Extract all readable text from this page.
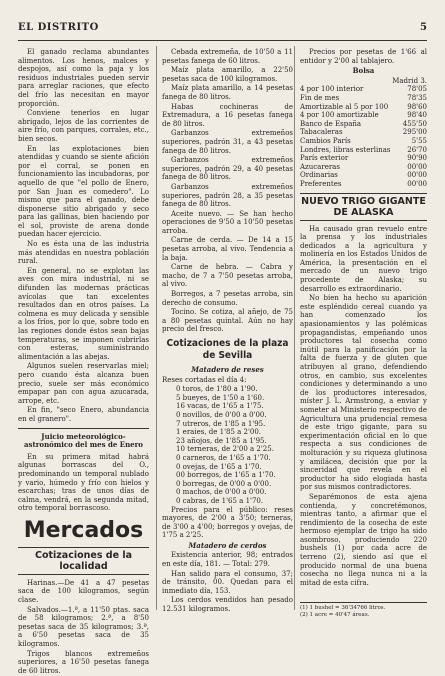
EL DISTRITO	5

El ganado reclama abundantes alimentos. Los henos, malces y despojos, así como la paja y los residuos industriales pueden servir para arreglar raciones, que efecto del frío las necesitan en mayor proporción.

Conviene tenerlos en lugar abrigado, lejos de las corrientes de aire frío, con parques, corrales, etc., bien secos.

En las explotaciones bien atendidas y cuando se siente afición por el corral, se ponen en funcionamiento las incubadoras, por aquello de que "el pollo de Enero, por San Juan es comedero". Lo mismo que para el ganado, debe disponerse sitio abrigado y seco para las gallinas, bien haciendo por el sol, proviste de arena donde puedan hacer ejercicio.

No es ésta una de las industria más atendidas en nuestra población rural.

En general, no se explotan las aves con mira industrial, ni se difunden las modernas prácticas avícolas que tan excelentes resultados dan en otros países. La colmena es muy delicada y sensible a los fríos, por lo que, sobre todo en las regiones donde éstos sean bajas temperaturas, se imponen cubrirlas con esteras, suministrando alimentación a las abejas.

Algunos suelen reservarlas miel; pero cuando ésta alcanza buen precio, suele ser más económico empapar pan con agua azucarada, arrope, etc.

En fin, "seco Enero, abundancia en el granero".

Juicio meteorológico-astronómico del mes de Enero

En su primera mitad habrá algunas borrascas del O., predominando un temporal nublado y vario, húmedo y frío con hielos y escarchas; tras de unos días de calma, vendrá, en la segunda mitad, otro temporal borrascoso.

Mercados
Cotizaciones de la localidad

Harinas.—De 41 a 47 pesetas saca de 100 kilogramos, según clase.

Salvados.—1.ª, a 11'50 ptas. saca de 58 kilogramos; 2.ª, a 8'50 pesetas saca de 35 kilogramos; 3.ª, a 6'50 pesetas saca de 35 kilogramos.

Trigos blancos extremeños superiores, a 16'50 pesetas fanega de 60 litros.

Cebada extremeña, de 10'50 a 11 pesetas fanega de 60 litros.

Maíz plata amarillo, a 22'50 pesetas saca de 100 kilogramos.

Maíz plata amarillo, a 14 pesetas fanega de 80 litros.

Habas cochineras de Extremadura, a 16 pesetas fanega de 80 litros.

Garbanzos extremeños superiores, padrón 31, a 43 pesetas fanega de 80 litros.

Garbanzos extremeños superiores, padrón 29, a 40 pesetas fanega de 80 litros.

Garbanzos extremeños superiores, padrón 28, a 35 pesetas fanega de 80 litros.

Aceite nuevo. — Se han hecho operaciones de 9'50 a 10'50 pesetas arroba.

Carne de cerda. — De 14 a 15 pesetas arroba, al vivo. Tendencia a la baja.

Carne de hebra. — Cabra y macho, de 7 a 7'50 pesetas arroba, al vivo.

Borregos, a 7 pesetas arroba, sin derecho de consumo.

Tocino. Se cotiza, al añejo, de 75 a 80 pesetas quintal. Aún no hay precio del fresco.

Cotizaciones de la plaza de Sevilla
Matadero de reses

Reses cortadas el día 4:

0 toros, de 1'80 a 1'90.
5 bueyes, de 1'50 a 1'60.
16 vacas, de 1'65 a 1'75.
0 novillos, de 0'00 a 0'00.
7 utreros, de 1'85 a 1'95.
1 eraies, de 1'85 a 2'00.
23 añojos, de 1'85 a 1'95.
10 terneras, de 2'00 a 2'25.
0 carneros, de 1'65 a 1'70.
0 ovejas, de 1'65 a 1'70.
00 borregos, de 1'65 a 1'70.
0 borregas, de 0'00 a 0'00.
0 machos, de 0'00 a 0'00.
0 cabras, de 1'65 a 1'70.

Precios para el público: reses mayores, de 2'00 a 3'50; terneras, de 3'00 a 4'00; borregos y ovejas, de 1'75 a 2'25.

Matadero de cerdos

Existencia anterior, 98; entrados en este día, 181. — Total: 279.

Han salido para el consumo, 37; de tránsito, 00. Quedan para el inmediato día, 153.

Los cerdos vendidos han pesado 12.531 kilogramos.

Precios por pesetas de 1'66 al entidor y 2'00 al tablajero.

Bolsa
Madrid 3.
4 por 100 interior	78'05
Fin de mes	78'35
Amortizable al 5 por 100	98'60
4 por 100 amortizable	98'40
Banco de España	455'50
Tabacaleras	295'00
Cambios París	5'55
Londres, libras esterlinas 26'70
París exterior	90'90
Azucareras	00'00
Ordinarias	00'00
Preferentes	00'00
NUEVO TRIGO GIGANTE DE ALASKA

Ha causado gran revuelo entre la prensa y los industriales dedicados a la agricultura y molinería en los Estados Unidos de América, la presentación en el mercado de un nuevo trigo procedente de Alaska; su desarrollo es extraordinario.

No bien ha hecho su aparición este espléndido cereal cuando ya han comenzado los apasionamientos y las polémicas propagandistas, empeñando unos productores tal cosecha como inútil para la panificación por la falta de fuerza y de gluten que atribuyen al grano, defendiendo otros, en cambio, sus excelentes condiciones y determinando a uno de los productores interesados, míster J. L. Armstrong, a enviar y someter al Ministerio respectivo de Agricultura una prudencial remesa de este trigo gigante, para su experimentación oficial en lo que respecta a sus condiciones de molturación y su riqueza glutinosa y amilácea, decisión que por la sinceridad que revela en el productor ha sido elogiada hasta por sus mismos contradictores.

Separémonos de esta ajena contienda, y concretémonos, mientras tanto, a afirmar que el rendimiento de la cosecha de este hermoso ejemplar de trigo ha sido asombroso, produciendo 220 bushels (1) por cada acre de terreno (2), siendo así que el producido normal de una buena cosecha no llega nunca ni a la mitad de esta cifra.

(1) 1 bushel = 36'34766 litros.
(2) 1 acre = 40'47 áreas.
